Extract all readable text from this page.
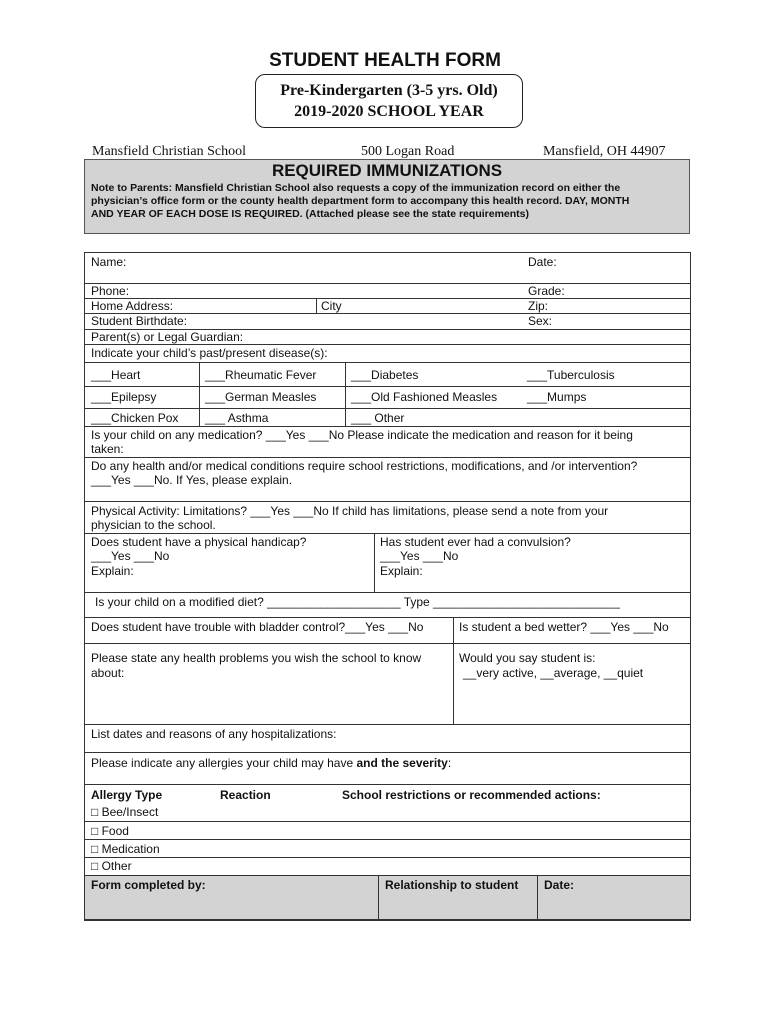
STUDENT HEALTH FORM
Pre-Kindergarten (3-5 yrs. Old)
2019-2020 SCHOOL YEAR
Mansfield Christian School	500 Logan Road	Mansfield, OH 44907
REQUIRED IMMUNIZATIONS
Note to Parents: Mansfield Christian School also requests a copy of the immunization record on either the
physician’s office form or the county health department form to accompany this health record. DAY, MONTH
AND YEAR OF EACH DOSE IS REQUIRED. (Attached please see the state requirements)
Name:	Date:
Phone:	Grade:
Home Address:	City	Zip:
Student Birthdate:	Sex:
Parent(s) or Legal Guardian:
Indicate your child’s past/present disease(s):
___Heart	___Rheumatic Fever	___Diabetes	___Tuberculosis
___Epilepsy	___German Measles	___Old Fashioned Measles ___Mumps
___Chicken Pox ___ Asthma	___ Other
Is your child on any medication? ___Yes ___No Please indicate the medication and reason for it being
taken:
Do any health and/or medical conditions require school restrictions, modifications, and /or intervention?
___Yes ___No. If Yes, please explain.
Physical Activity: Limitations? ___Yes ___No If child has limitations, please send a note from your
physician to the school.
Does student have a physical handicap?
___Yes ___No
Explain:
Has student ever had a convulsion?
___Yes ___No
Explain:
Is your child on a modified diet? ____________________ Type ____________________________
Does student have trouble with bladder control?___Yes ___No	Is student a bed wetter? ___Yes ___No
Please state any health problems you wish the school to know
about:
Would you say student is:
__very active, __average, __quiet
List dates and reasons of any hospitalizations:
Please indicate any allergies your child may have and the severity:
Allergy Type	Reaction	School restrictions or recommended actions:
□ Bee/Insect
□ Food
□ Medication
□ Other
Form completed by:	Relationship to student Date:
